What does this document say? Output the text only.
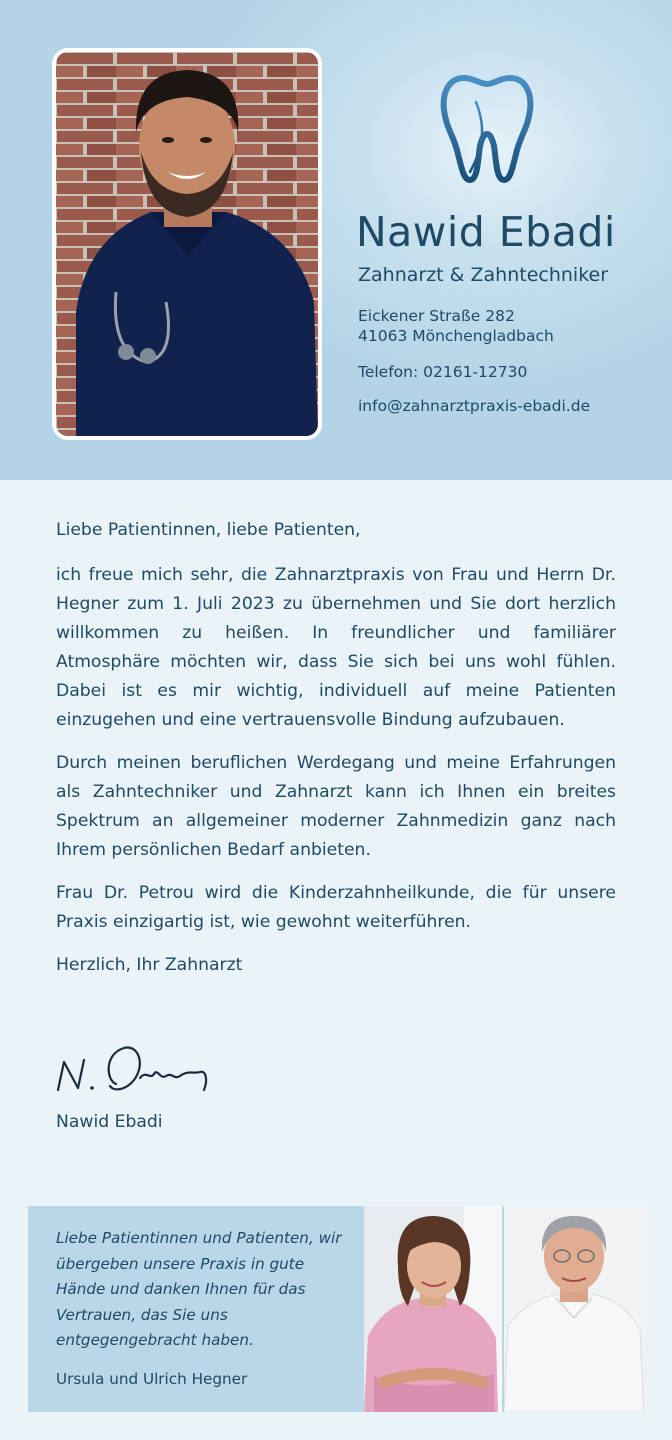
Nawid Ebadi
Zahnarzt & Zahntechniker
Eickener Straße 282
41063 Mönchengladbach
Telefon: 02161-12730
info@zahnarztpraxis-ebadi.de

Liebe Patientinnen, liebe Patienten,

ich freue mich sehr, die Zahnarztpraxis von Frau und Herrn Dr. Hegner zum 1. Juli 2023 zu übernehmen und Sie dort herzlich willkommen zu heißen. In freundlicher und familiärer Atmosphäre möchten wir, dass Sie sich bei uns wohl fühlen. Dabei ist es mir wichtig, individuell auf meine Patienten einzugehen und eine vertrauensvolle Bindung aufzubauen.

Durch meinen beruflichen Werdegang und meine Erfahrungen als Zahntechniker und Zahnarzt kann ich Ihnen ein breites Spektrum an allgemeiner moderner Zahnmedizin ganz nach Ihrem persönlichen Bedarf anbieten.

Frau Dr. Petrou wird die Kinderzahnheilkunde, die für unsere Praxis einzigartig ist, wie gewohnt weiterführen.

Herzlich, Ihr Zahnarzt

Nawid Ebadi
Liebe Patientinnen und Patienten, wir übergeben unsere Praxis in gute Hände und danken Ihnen für das Vertrauen, das Sie uns entgegengebracht haben.
Ursula und Ulrich Hegner
